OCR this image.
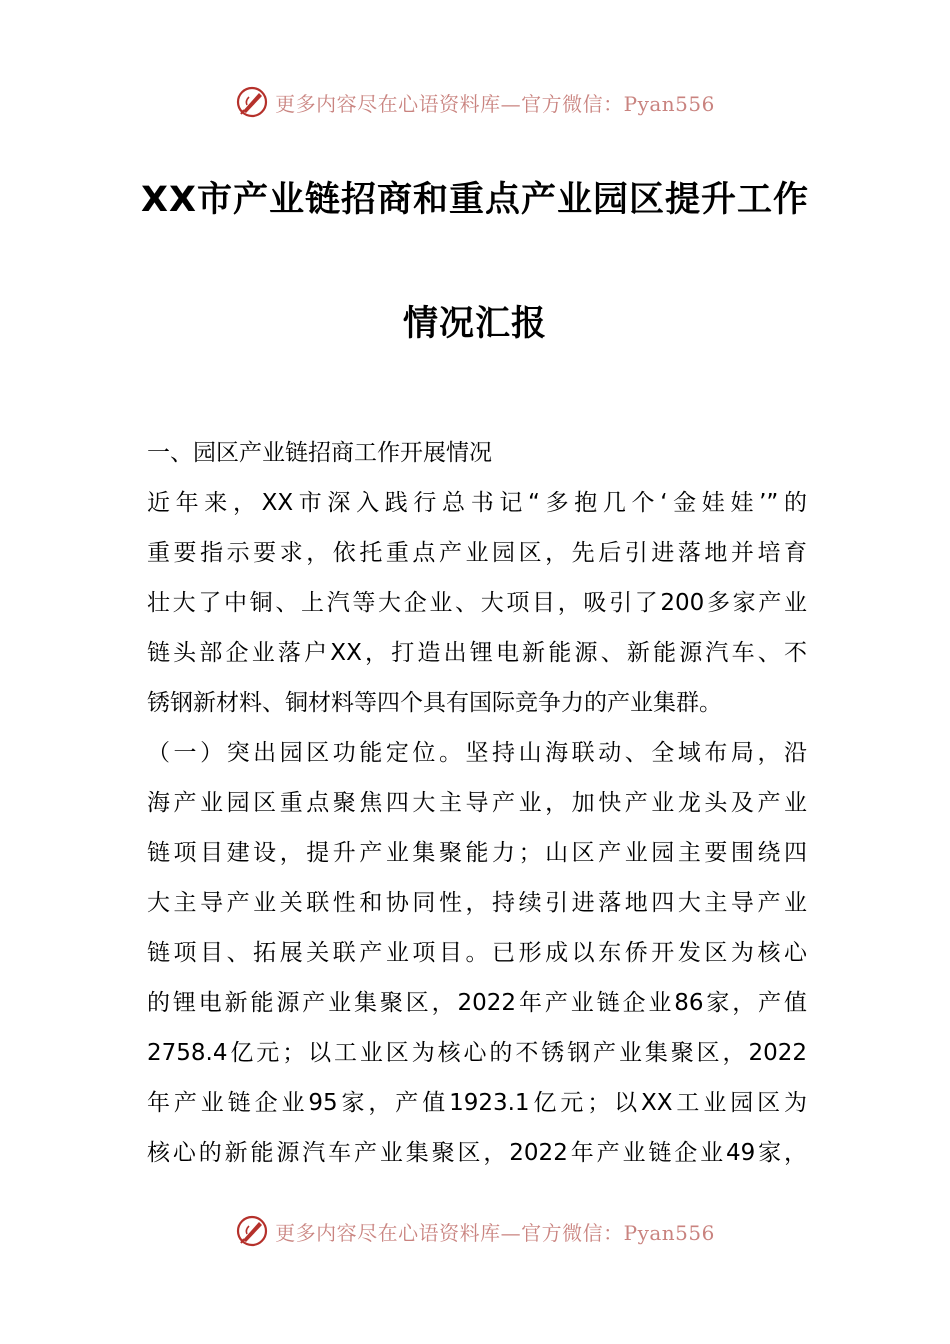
更多内容尽在心语资料库—官方微信：Pyan556
XX市产业链招商和重点产业园区提升工作
情况汇报
一、园区产业链招商工作开展情况
近年来，XX市深入践行总书记“多抱几个‘金娃娃’”的
重要指示要求，依托重点产业园区，先后引进落地并培育
壮大了中铜、上汽等大企业、大项目，吸引了200多家产业
链头部企业落户XX，打造出锂电新能源、新能源汽车、不
锈钢新材料、铜材料等四个具有国际竞争力的产业集群。
（一）突出园区功能定位。坚持山海联动、全域布局，沿
海产业园区重点聚焦四大主导产业，加快产业龙头及产业
链项目建设，提升产业集聚能力；山区产业园主要围绕四
大主导产业关联性和协同性，持续引进落地四大主导产业
链项目、拓展关联产业项目。已形成以东侨开发区为核心
的锂电新能源产业集聚区，2022年产业链企业86家，产值
2758.4亿元；以工业区为核心的不锈钢产业集聚区，2022
年产业链企业95家，产值1923.1亿元；以XX工业园区为
核心的新能源汽车产业集聚区，2022年产业链企业49家，
更多内容尽在心语资料库—官方微信：Pyan556
